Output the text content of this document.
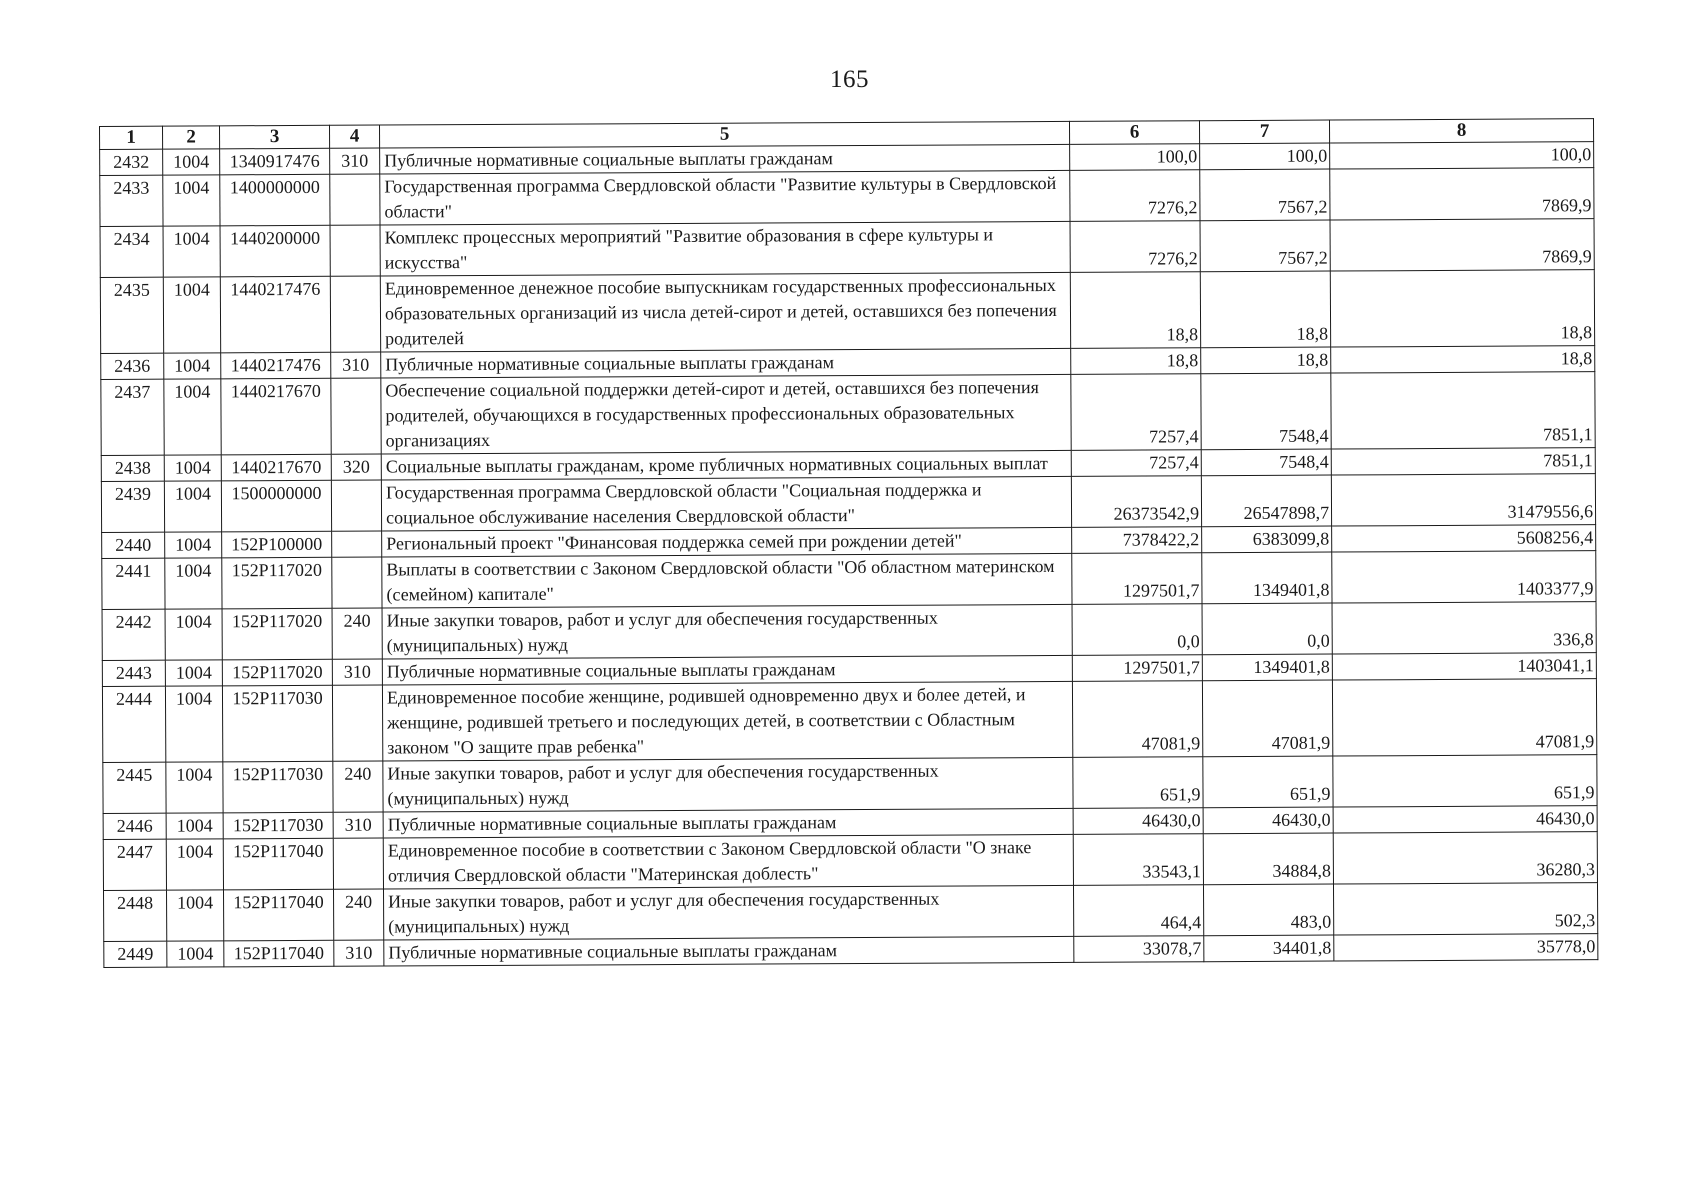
165
1	2	3	4	5	6	7	8
2432	1004	1340917476	310	Публичные нормативные социальные выплаты гражданам	100,0	100,0	100,0
2433	1004	1400000000		Государственная программа Свердловской области "Развитие культуры в Свердловской области"	7276,2	7567,2	7869,9
2434	1004	1440200000		Комплекс процессных мероприятий "Развитие образования в сфере культуры и искусства"	7276,2	7567,2	7869,9
2435	1004	1440217476		Единовременное денежное пособие выпускникам государственных профессиональных образовательных организаций из числа детей-сирот и детей, оставшихся без попечения родителей	18,8	18,8	18,8
2436	1004	1440217476	310	Публичные нормативные социальные выплаты гражданам	18,8	18,8	18,8
2437	1004	1440217670		Обеспечение социальной поддержки детей-сирот и детей, оставшихся без попечения родителей, обучающихся в государственных профессиональных образовательных организациях	7257,4	7548,4	7851,1
2438	1004	1440217670	320	Социальные выплаты гражданам, кроме публичных нормативных социальных выплат	7257,4	7548,4	7851,1
2439	1004	1500000000		Государственная программа Свердловской области "Социальная поддержка и социальное обслуживание населения Свердловской области"	26373542,9	26547898,7	31479556,6
2440	1004	152P100000		Региональный проект "Финансовая поддержка семей при рождении детей"	7378422,2	6383099,8	5608256,4
2441	1004	152P117020		Выплаты в соответствии с Законом Свердловской области "Об областном материнском (семейном) капитале"	1297501,7	1349401,8	1403377,9
2442	1004	152P117020	240	Иные закупки товаров, работ и услуг для обеспечения государственных (муниципальных) нужд	0,0	0,0	336,8
2443	1004	152P117020	310	Публичные нормативные социальные выплаты гражданам	1297501,7	1349401,8	1403041,1
2444	1004	152P117030		Единовременное пособие женщине, родившей одновременно двух и более детей, и женщине, родившей третьего и последующих детей, в соответствии с Областным законом "О защите прав ребенка"	47081,9	47081,9	47081,9
2445	1004	152P117030	240	Иные закупки товаров, работ и услуг для обеспечения государственных (муниципальных) нужд	651,9	651,9	651,9
2446	1004	152P117030	310	Публичные нормативные социальные выплаты гражданам	46430,0	46430,0	46430,0
2447	1004	152P117040		Единовременное пособие в соответствии с Законом Свердловской области "О знаке отличия Свердловской области "Материнская доблесть"	33543,1	34884,8	36280,3
2448	1004	152P117040	240	Иные закупки товаров, работ и услуг для обеспечения государственных (муниципальных) нужд	464,4	483,0	502,3
2449	1004	152P117040	310	Публичные нормативные социальные выплаты гражданам	33078,7	34401,8	35778,0
